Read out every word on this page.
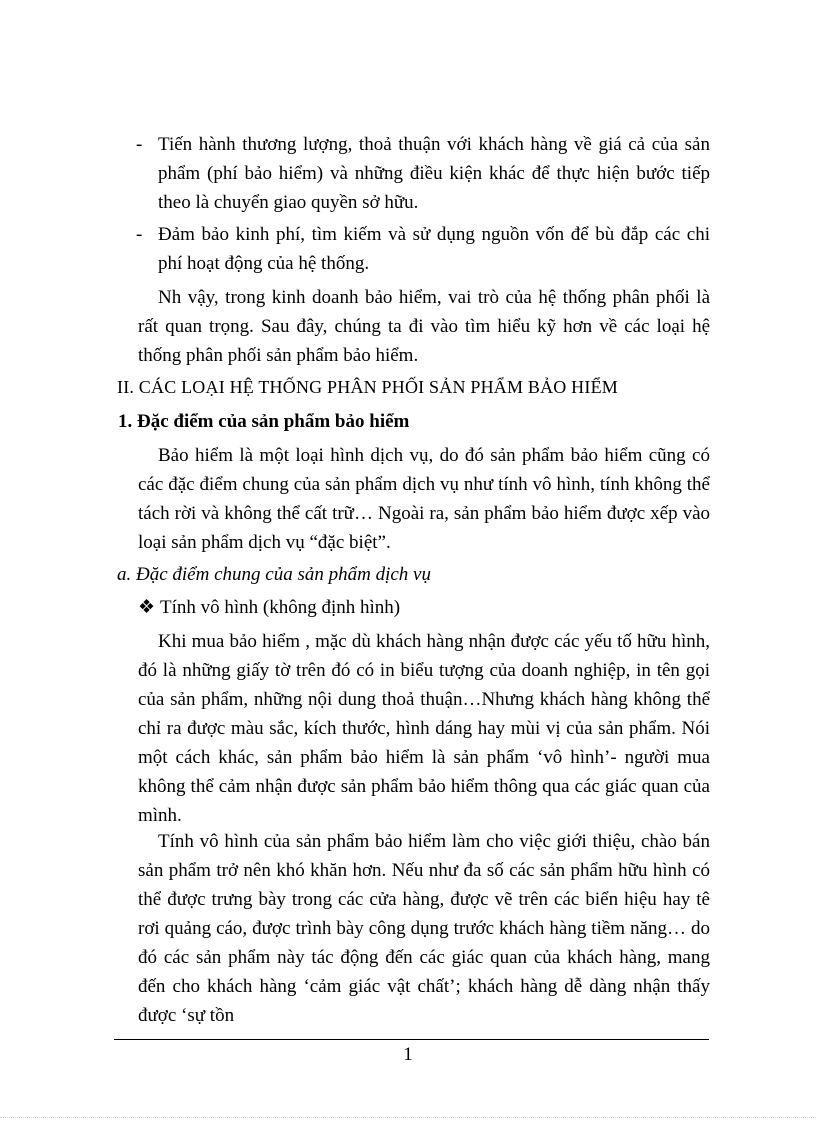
- Tiến hành thương lượng, thoả thuận với khách hàng về giá cả của sản phẩm (phí bảo hiểm) và những điều kiện khác để thực hiện bước tiếp theo là chuyển giao quyền sở hữu.
- Đảm bảo kinh phí, tìm kiếm và sử dụng nguồn vốn để bù đắp các chi phí hoạt động của hệ thống.
Nh vậy, trong kinh doanh bảo hiểm, vai trò của hệ thống phân phối là rất quan trọng. Sau đây, chúng ta đi vào tìm hiểu kỹ hơn về các loại hệ thống phân phối sản phẩm bảo hiểm.
II. CÁC LOẠI HỆ THỐNG PHÂN PHỐI SẢN PHẨM BẢO HIỂM
1. Đặc điểm của sản phẩm bảo hiểm
Bảo hiểm là một loại hình dịch vụ, do đó sản phẩm bảo hiểm cũng có các đặc điểm chung của sản phẩm dịch vụ như tính vô hình, tính không thể tách rời và không thể cất trữ… Ngoài ra, sản phẩm bảo hiểm được xếp vào loại sản phẩm dịch vụ “đặc biệt”.
a. Đặc điểm chung của sản phẩm dịch vụ
❖ Tính vô hình (không định hình)
Khi mua bảo hiểm , mặc dù khách hàng nhận được các yếu tố hữu hình, đó là những giấy tờ trên đó có in biểu tượng của doanh nghiệp, in tên gọi của sản phẩm, những nội dung thoả thuận…Nhưng khách hàng không thể chỉ ra được màu sắc, kích thước, hình dáng hay mùi vị của sản phẩm. Nói một cách khác, sản phẩm bảo hiểm là sản phẩm ‘vô hình’- người mua không thể cảm nhận được sản phẩm bảo hiểm thông qua các giác quan của mình.
Tính vô hình của sản phẩm bảo hiểm làm cho việc giới thiệu, chào bán sản phẩm trở nên khó khăn hơn. Nếu như đa số các sản phẩm hữu hình có thể được trưng bày trong các cửa hàng, được vẽ trên các biển hiệu hay tê rơi quảng cáo, được trình bày công dụng trước khách hàng tiềm năng… do đó các sản phẩm này tác động đến các giác quan của khách hàng, mang đến cho khách hàng ‘cảm giác vật chất’; khách hàng dễ dàng nhận thấy được ‘sự tồn
1
